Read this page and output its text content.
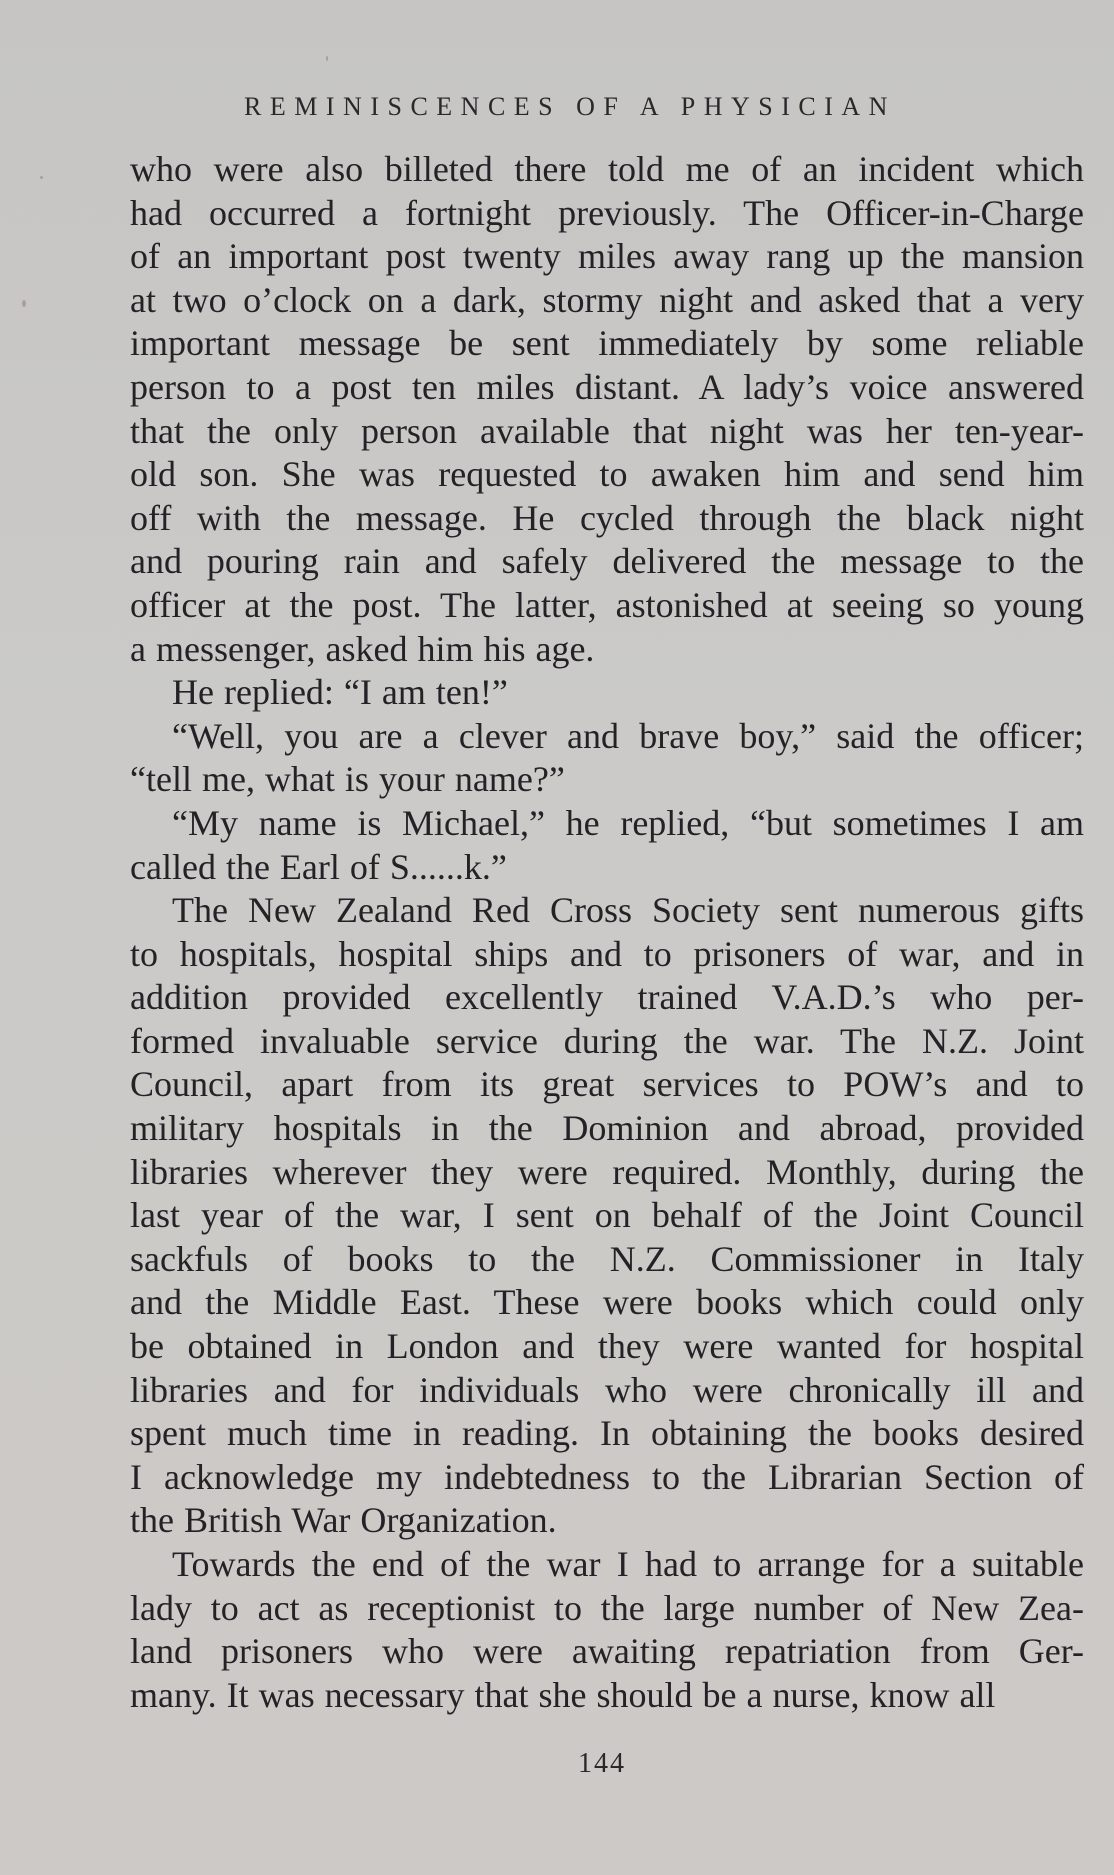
REMINISCENCES OF A PHYSICIAN
who were also billeted there told me of an incident which
had occurred a fortnight previously. The Officer-in-Charge
of an important post twenty miles away rang up the mansion
at two o’clock on a dark, stormy night and asked that a very
important message be sent immediately by some reliable
person to a post ten miles distant. A lady’s voice answered
that the only person available that night was her ten-year-
old son. She was requested to awaken him and send him
off with the message. He cycled through the black night
and pouring rain and safely delivered the message to the
officer at the post. The latter, astonished at seeing so young
a messenger, asked him his age.
He replied: “I am ten!”
“Well, you are a clever and brave boy,” said the officer;
“tell me, what is your name?”
“My name is Michael,” he replied, “but sometimes I am
called the Earl of S......k.”
The New Zealand Red Cross Society sent numerous gifts
to hospitals, hospital ships and to prisoners of war, and in
addition provided excellently trained V.A.D.’s who per-
formed invaluable service during the war. The N.Z. Joint
Council, apart from its great services to POW’s and to
military hospitals in the Dominion and abroad, provided
libraries wherever they were required. Monthly, during the
last year of the war, I sent on behalf of the Joint Council
sackfuls of books to the N.Z. Commissioner in Italy
and the Middle East. These were books which could only
be obtained in London and they were wanted for hospital
libraries and for individuals who were chronically ill and
spent much time in reading. In obtaining the books desired
I acknowledge my indebtedness to the Librarian Section of
the British War Organization.
Towards the end of the war I had to arrange for a suitable
lady to act as receptionist to the large number of New Zea-
land prisoners who were awaiting repatriation from Ger-
many. It was necessary that she should be a nurse, know all
144
